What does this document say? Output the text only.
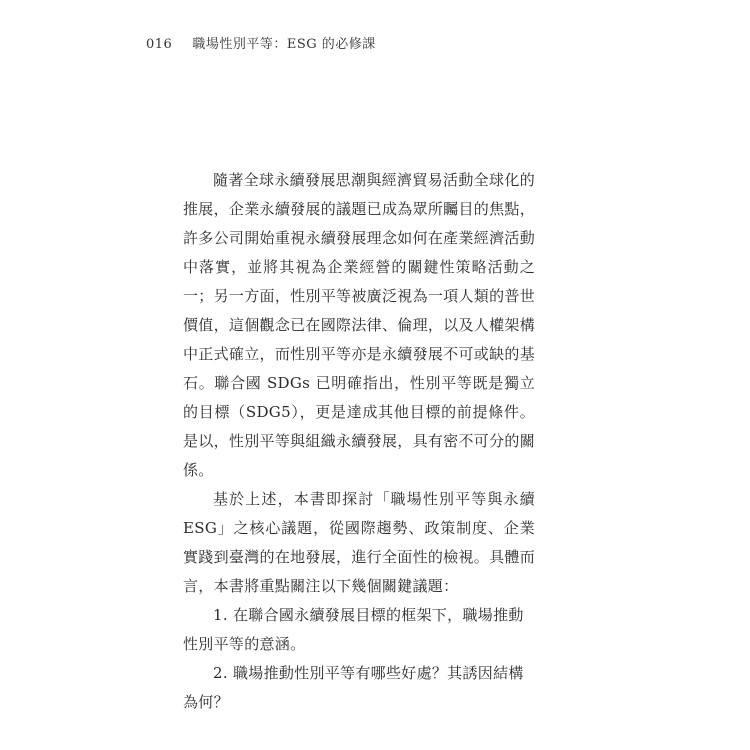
016 職場性別平等：ESG 的必修課

隨著全球永續發展思潮與經濟貿易活動全球化的推展，企業永續發展的議題已成為眾所矚目的焦點，許多公司開始重視永續發展理念如何在產業經濟活動中落實，並將其視為企業經營的關鍵性策略活動之一；另一方面，性別平等被廣泛視為一項人類的普世價值，這個觀念已在國際法律、倫理，以及人權架構中正式確立，而性別平等亦是永續發展不可或缺的基石。聯合國 SDGs 已明確指出，性別平等既是獨立的目標（SDG5），更是達成其他目標的前提條件。是以，性別平等與組織永續發展，具有密不可分的關係。

基於上述，本書即探討「職場性別平等與永續 ESG」之核心議題，從國際趨勢、政策制度、企業實踐到臺灣的在地發展，進行全面性的檢視。具體而言，本書將重點關注以下幾個關鍵議題：

1. 在聯合國永續發展目標的框架下，職場推動性別平等的意涵。

2. 職場推動性別平等有哪些好處？其誘因結構為何？
